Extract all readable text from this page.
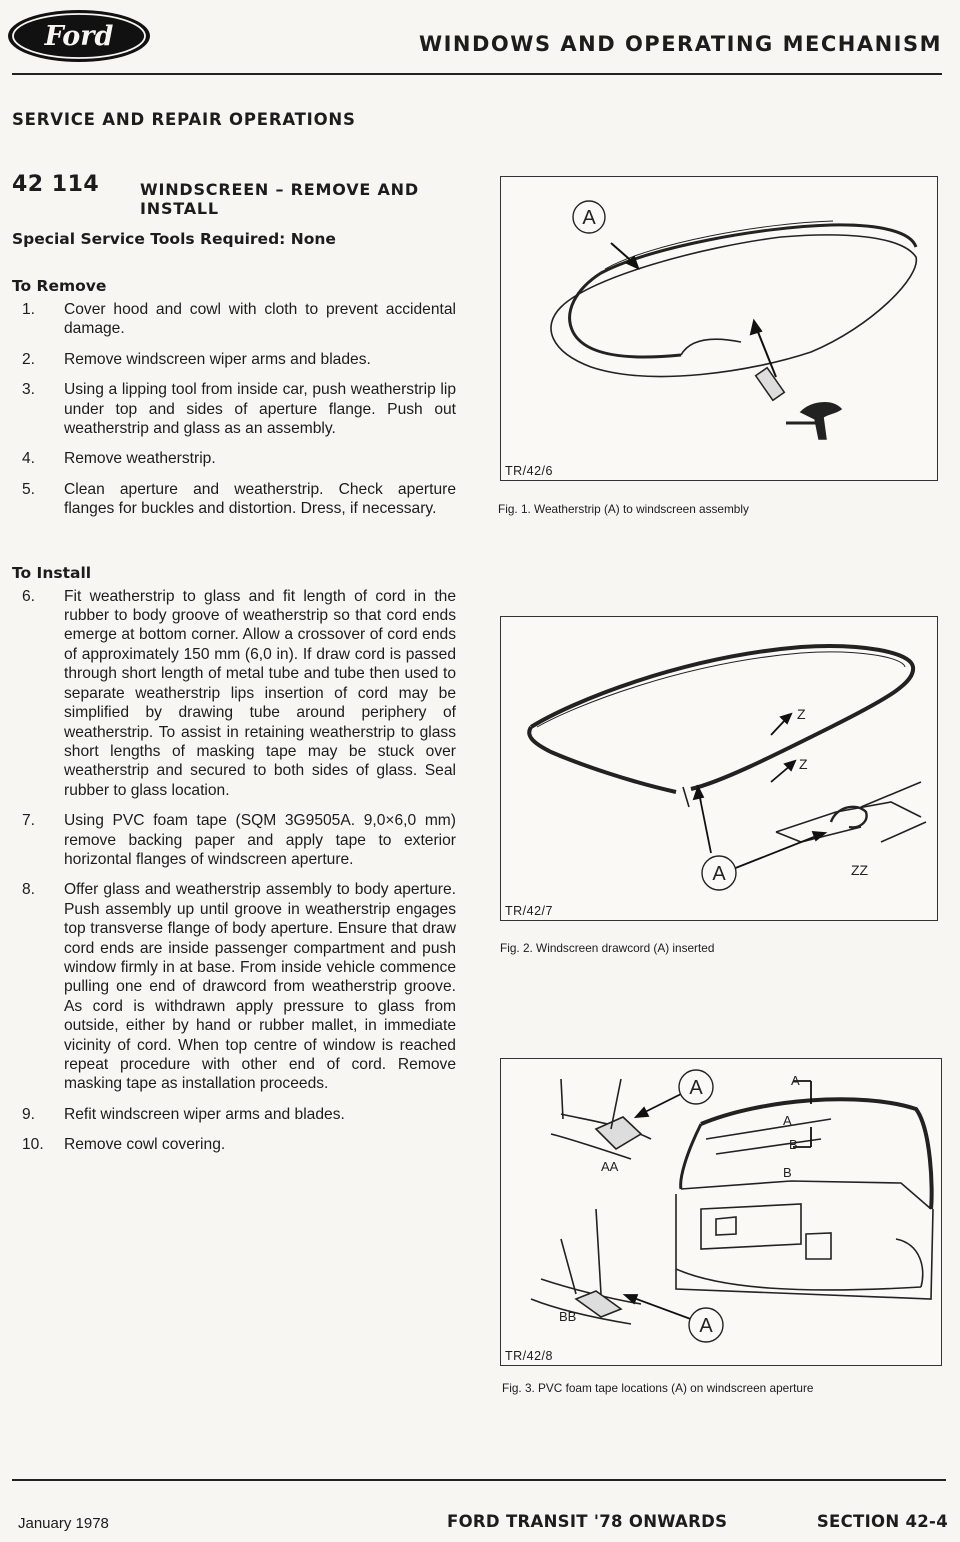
Ford	WINDOWS AND OPERATING MECHANISM
SERVICE AND REPAIR OPERATIONS
42 114	WINDSCREEN – REMOVE AND INSTALL
Special Service Tools Required: None
To Remove
1.	Cover hood and cowl with cloth to prevent accidental damage.
2.	Remove windscreen wiper arms and blades.
3.	Using a lipping tool from inside car, push weatherstrip lip under top and sides of aperture flange. Push out weatherstrip and glass as an assembly.
4.	Remove weatherstrip.
5.	Clean aperture and weatherstrip. Check aperture flanges for buckles and distortion. Dress, if necessary.
To Install
6.	Fit weatherstrip to glass and fit length of cord in the rubber to body groove of weatherstrip so that cord ends emerge at bottom corner. Allow a crossover of cord ends of approximately 150 mm (6,0 in). If draw cord is passed through short length of metal tube and tube then used to separate weatherstrip lips insertion of cord may be simplified by drawing tube around periphery of weatherstrip. To assist in retaining weatherstrip to glass short lengths of masking tape may be stuck over weatherstrip and secured to both sides of glass. Seal rubber to glass location.
7.	Using PVC foam tape (SQM 3G9505A. 9,0×6,0 mm) remove backing paper and apply tape to exterior horizontal flanges of windscreen aperture.
8.	Offer glass and weatherstrip assembly to body aperture. Push assembly up until groove in weatherstrip engages top transverse flange of body aperture. Ensure that draw cord ends are inside passenger compartment and push window firmly in at base. From inside vehicle commence pulling one end of drawcord from weatherstrip groove. As cord is withdrawn apply pressure to glass from outside, either by hand or rubber mallet, in immediate vicinity of cord. When top centre of window is reached repeat procedure with other end of cord. Remove masking tape as installation proceeds.
9.	Refit windscreen wiper arms and blades.
10.	Remove cowl covering.
A
TR/42/6
Fig. 1. Weatherstrip (A) to windscreen assembly
Z
Z
ZZ
A
TR/42/7
Fig. 2. Windscreen drawcord (A) inserted
A
A
B
B
AA
BB
A
A
TR/42/8
Fig. 3. PVC foam tape locations (A) on windscreen aperture
January 1978	FORD TRANSIT '78 ONWARDS	SECTION 42-4
